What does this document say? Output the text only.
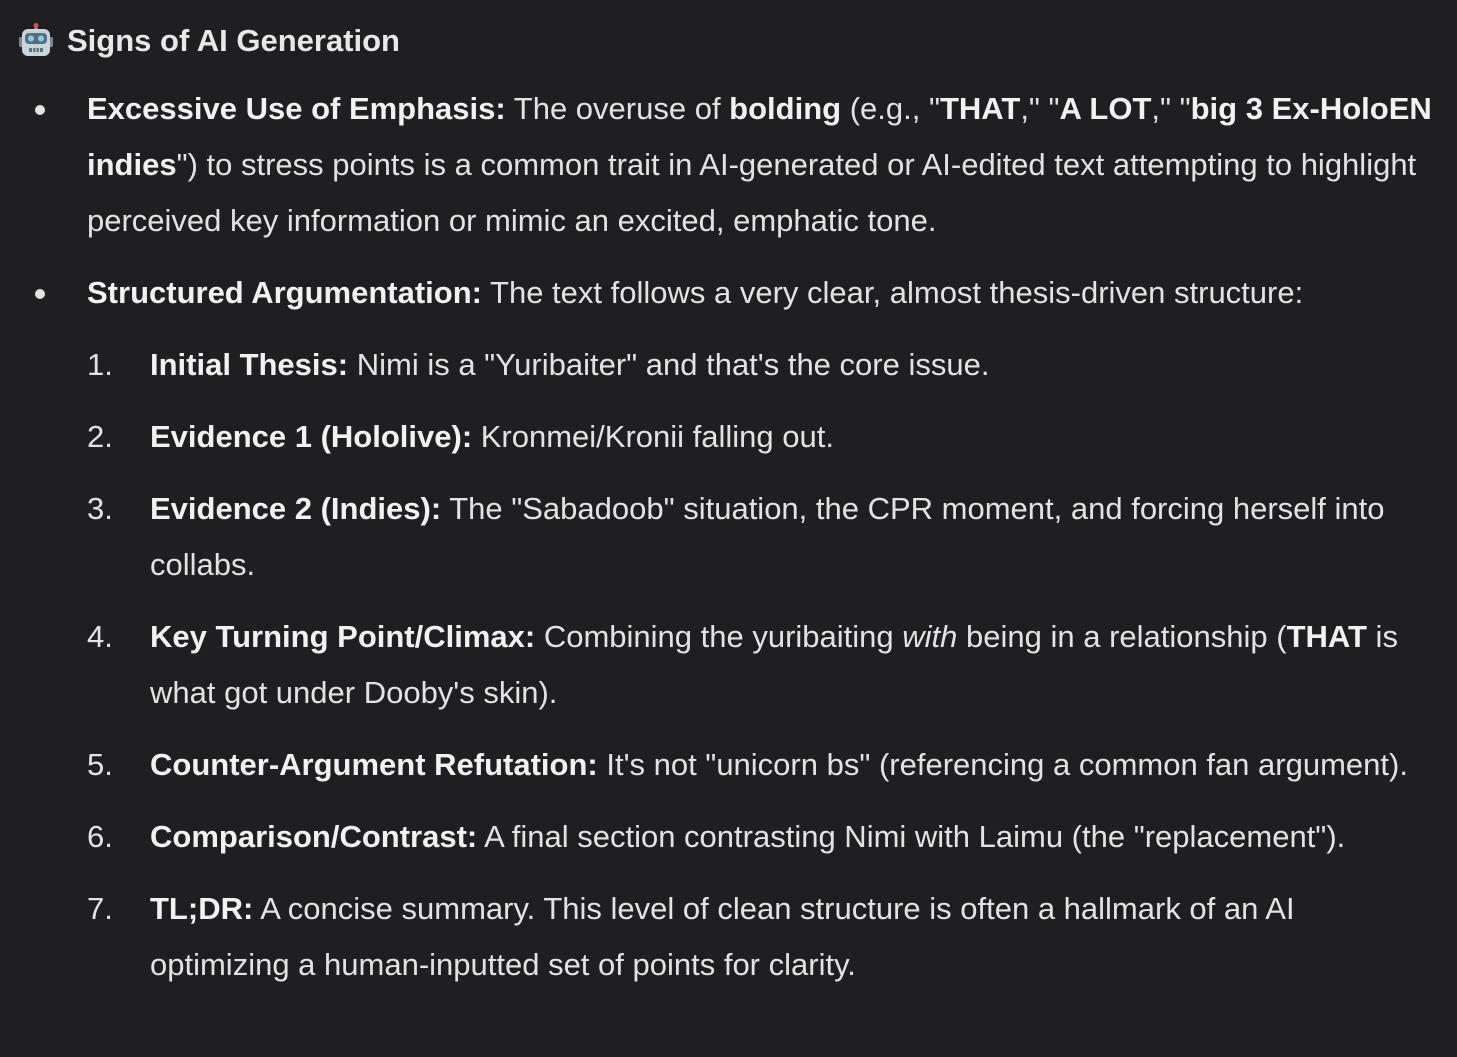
Signs of AI Generation
Excessive Use of Emphasis: The overuse of bolding (e.g., "THAT," "A LOT," "big 3 Ex-HoloEN indies") to stress points is a common trait in AI-generated or AI-edited text attempting to highlight perceived key information or mimic an excited, emphatic tone.
Structured Argumentation: The text follows a very clear, almost thesis-driven structure:
1.	Initial Thesis: Nimi is a "Yuribaiter" and that's the core issue.
2.	Evidence 1 (Hololive): Kronmei/Kronii falling out.
3.	Evidence 2 (Indies): The "Sabadoob" situation, the CPR moment, and forcing herself into collabs.
4.	Key Turning Point/Climax: Combining the yuribaiting with being in a relationship (THAT is what got under Dooby's skin).
5.	Counter-Argument Refutation: It's not "unicorn bs" (referencing a common fan argument).
6.	Comparison/Contrast: A final section contrasting Nimi with Laimu (the "replacement").
7.	TL;DR: A concise summary. This level of clean structure is often a hallmark of an AI optimizing a human-inputted set of points for clarity.
